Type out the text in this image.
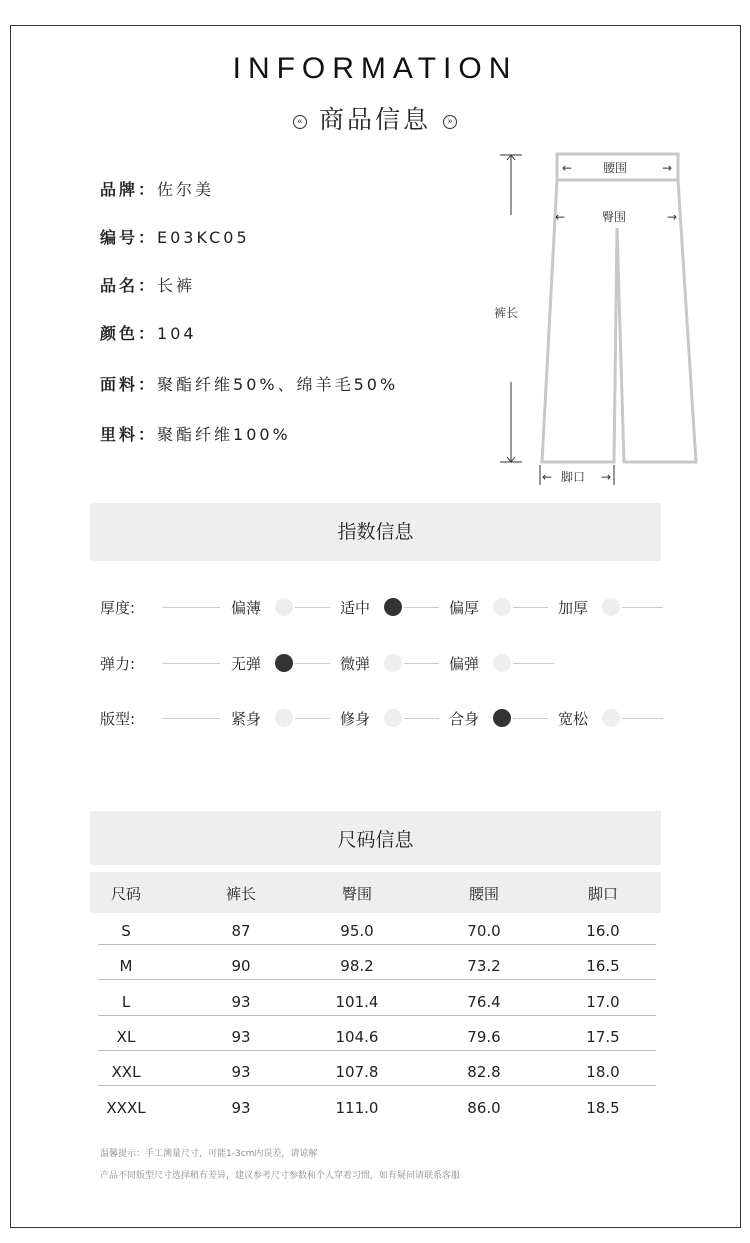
INFORMATION
« 商品信息 »
品牌：佐尔美
编号：E03KC05
品名：长裤
颜色：104
面料：聚酯纤维50%、绵羊毛50%
里料：聚酯纤维100%
←	→
腰围
←	→
臀围
裤长
←	→
脚口
指数信息
厚度:	偏薄	适中	偏厚	加厚
弹力:	无弹	微弹	偏弹
版型:	紧身	修身	合身	宽松
尺码信息
尺码	裤长	臀围	腰围	脚口
S	87	95.0	70.0	16.0
M	90	98.2	73.2	16.5
L	93	101.4	76.4	17.0
XL	93	104.6	79.6	17.5
XXL	93	107.8	82.8	18.0
XXXL	93	111.0	86.0	18.5
温馨提示：手工测量尺寸，可能1-3cm内误差，请谅解
产品不同版型尺寸选择稍有差异，建议参考尺寸参数和个人穿着习惯，如有疑问请联系客服
